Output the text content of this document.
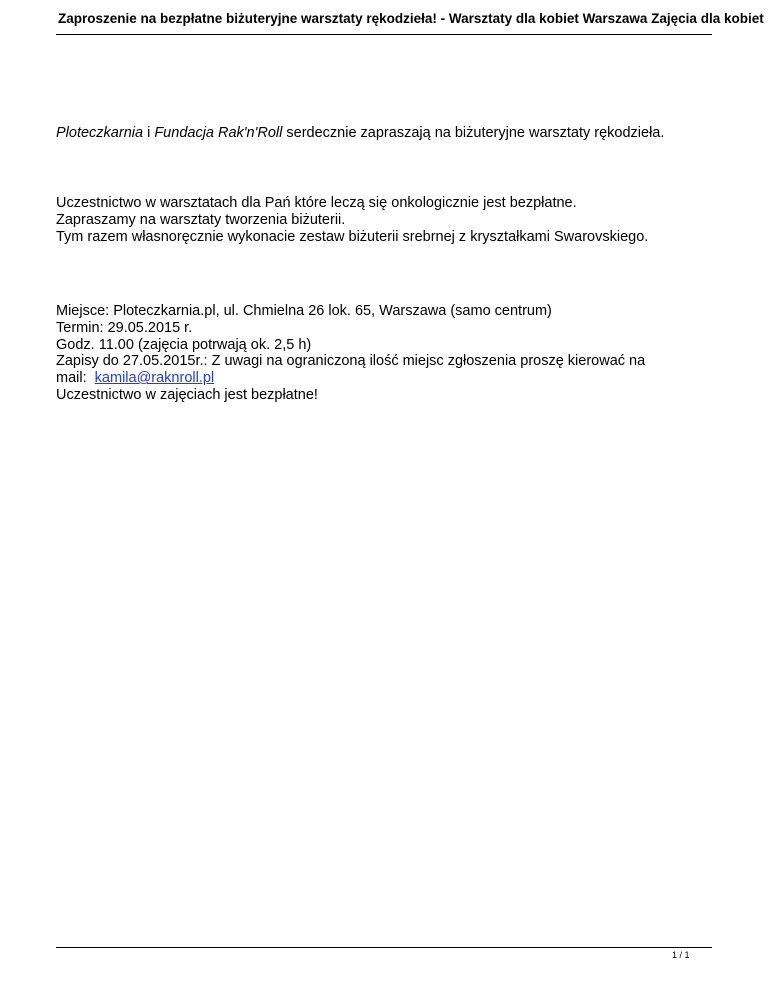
Zaproszenie na bezpłatne biżuteryjne warsztaty rękodzieła! - Warsztaty dla kobiet Warszawa Zajęcia dla kobiet
Ploteczkarnia i Fundacja Rak'n'Roll serdecznie zapraszają na biżuteryjne warsztaty rękodzieła.
Uczestnictwo w warsztatach dla Pań które leczą się onkologicznie jest bezpłatne.
Zapraszamy na warsztaty tworzenia biżuterii.
Tym razem własnoręcznie wykonacie zestaw biżuterii srebrnej z kryształkami Swarovskiego.
Miejsce: Ploteczkarnia.pl, ul. Chmielna 26 lok. 65, Warszawa (samo centrum)
Termin: 29.05.2015 r.
Godz. 11.00 (zajęcia potrwają ok. 2,5 h)
Zapisy do 27.05.2015r.: Z uwagi na ograniczoną ilość miejsc zgłoszenia proszę kierować na
mail:  kamila@raknroll.pl
Uczestnictwo w zajęciach jest bezpłatne!
1 / 1
